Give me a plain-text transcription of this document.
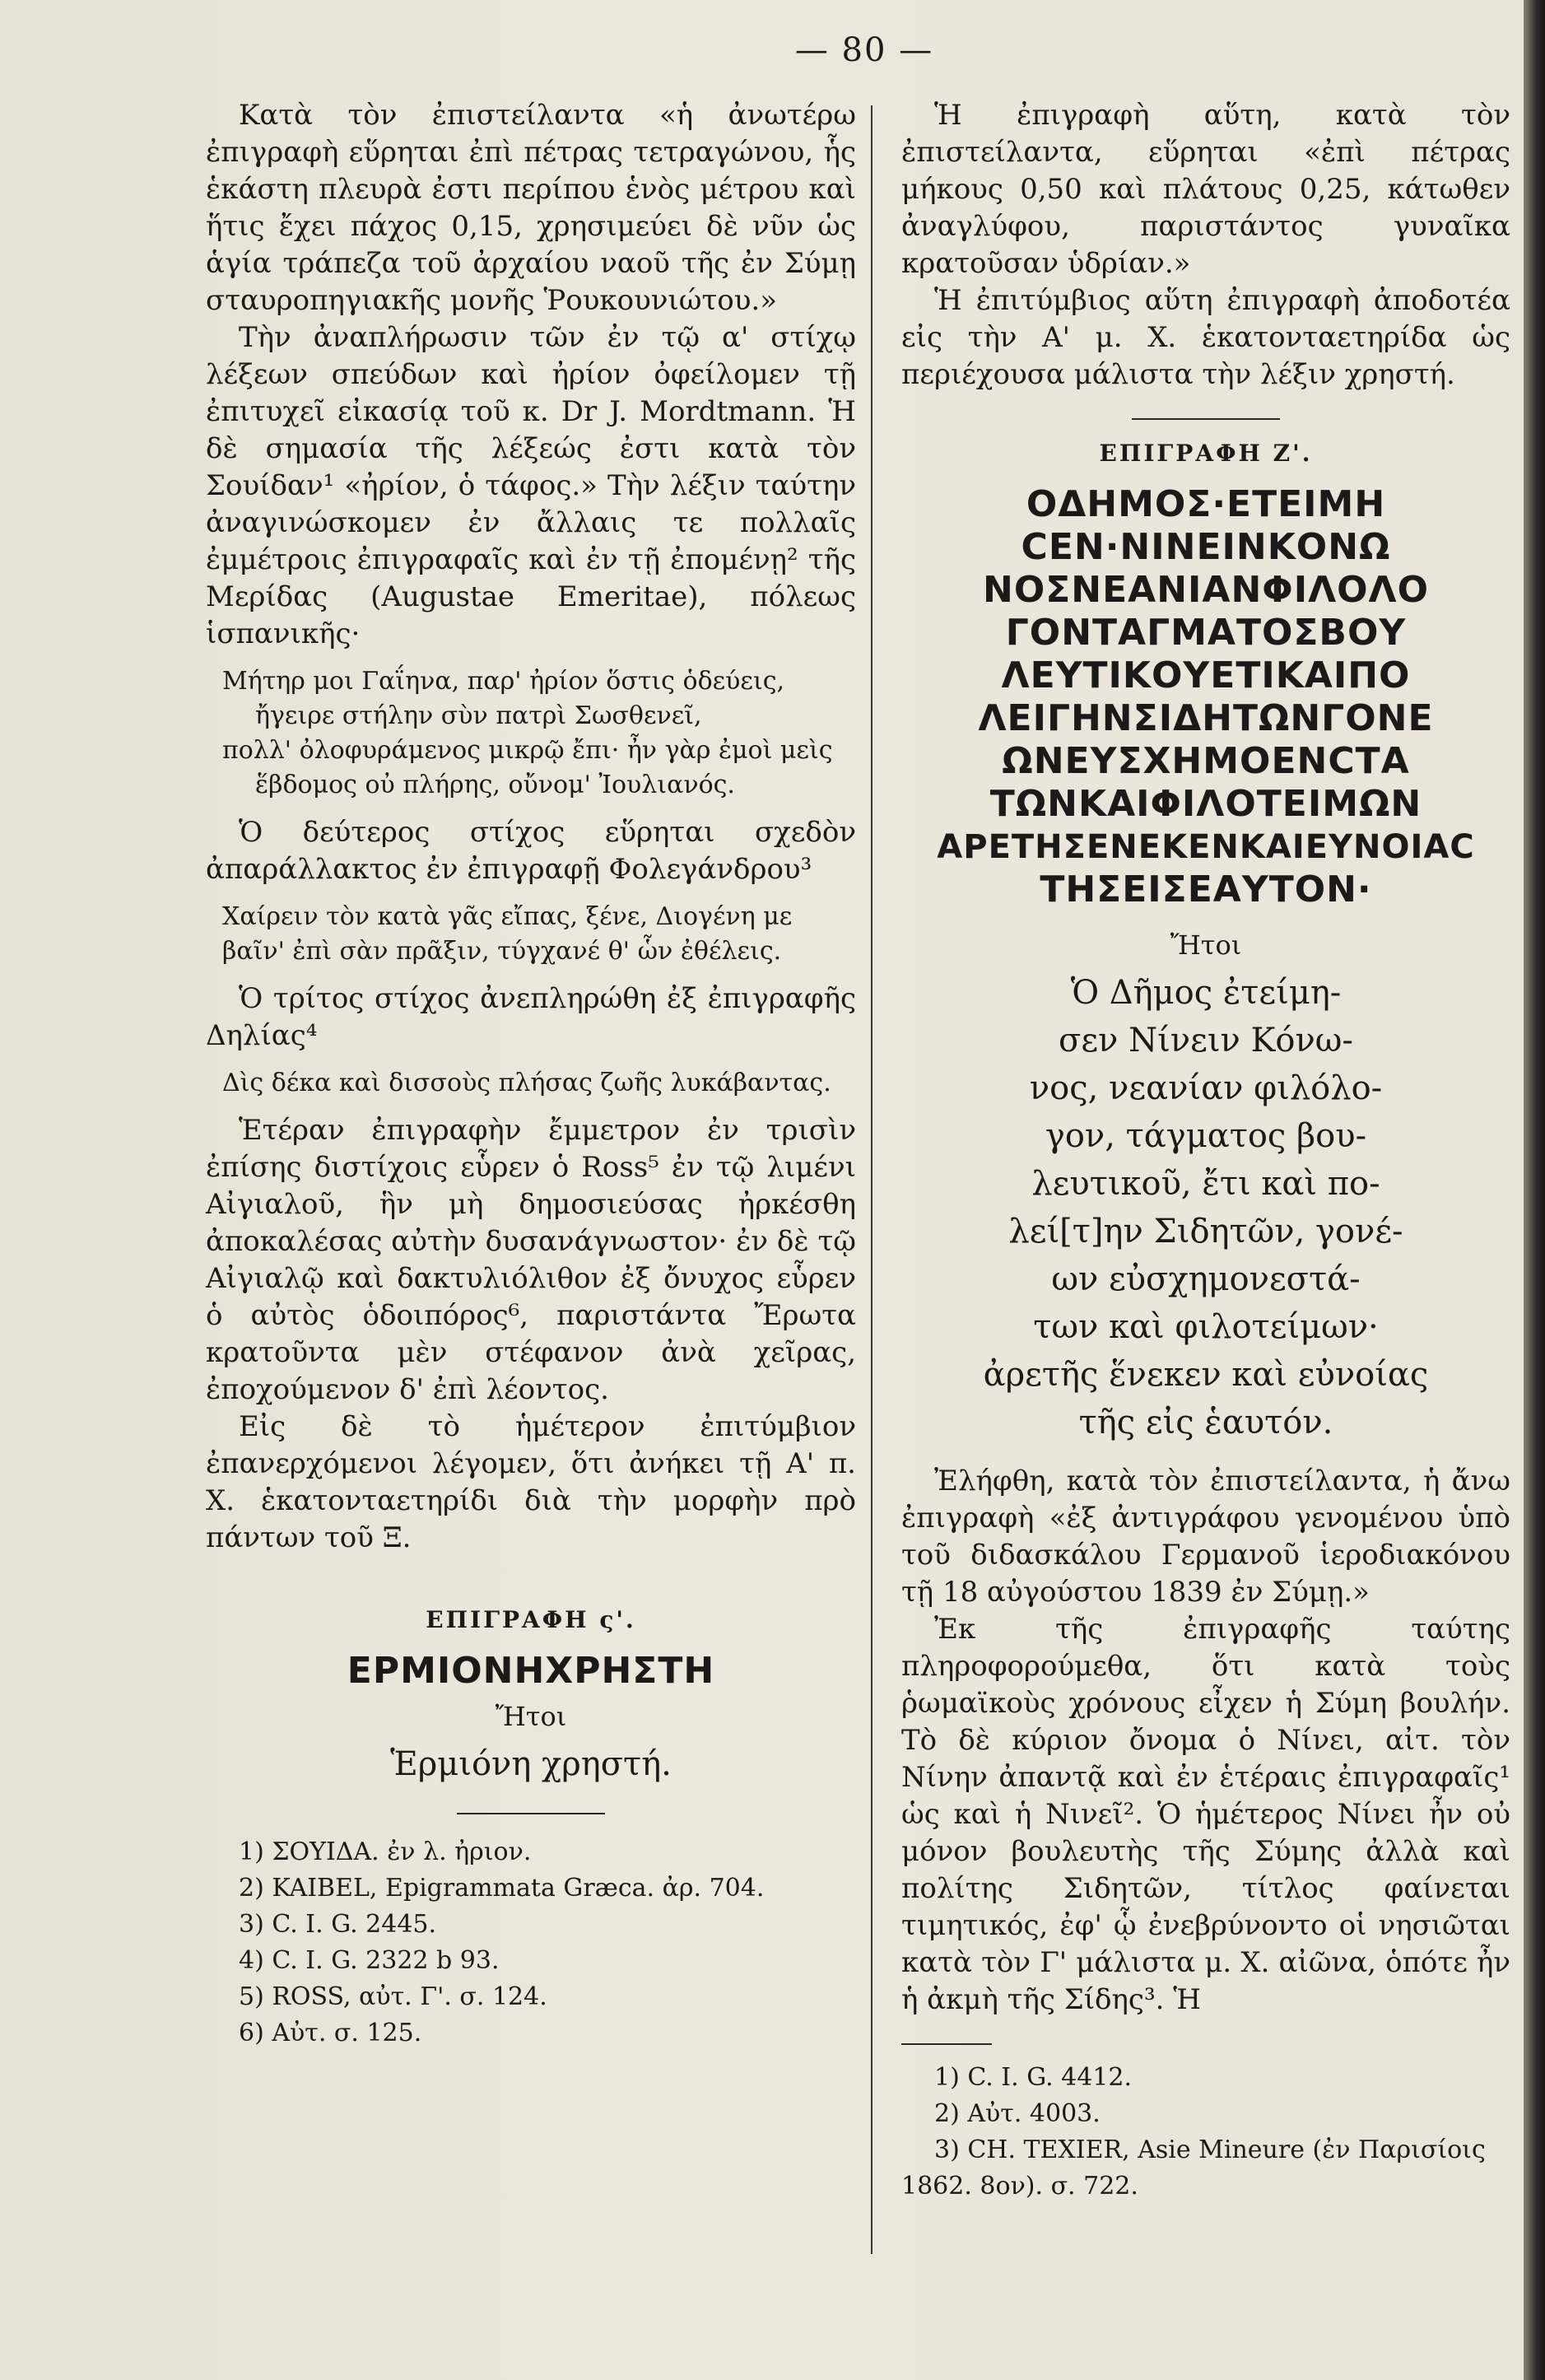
— 80 —

Κατὰ τὸν ἐπιστείλαντα «ἡ ἀνωτέρω ἐπιγραφὴ εὕρηται ἐπὶ πέτρας τετραγώνου, ἧς ἑκάστη πλευρὰ ἐστι περίπου ἑνὸς μέτρου καὶ ἥτις ἔχει πάχος 0,15, χρησιμεύει δὲ νῦν ὡς ἁγία τράπεζα τοῦ ἀρχαίου ναοῦ τῆς ἐν Σύμῃ σταυροπηγιακῆς μονῆς Ῥουκουνιώτου.»

Τὴν ἀναπλήρωσιν τῶν ἐν τῷ α' στίχῳ λέξεων σπεύδων καὶ ἠρίον ὀφείλομεν τῇ ἐπιτυχεῖ εἰκασίᾳ τοῦ κ. Dr J. Mordtmann. Ἡ δὲ σημασία τῆς λέξεώς ἐστι κατὰ τὸν Σουίδαν¹ «ἠρίον, ὁ τάφος.» Τὴν λέξιν ταύτην ἀναγινώσκομεν ἐν ἄλλαις τε πολλαῖς ἐμμέτροις ἐπιγραφαῖς καὶ ἐν τῇ ἐπομένῃ² τῆς Μερίδας (Augustae Emeritae), πόλεως ἱσπανικῆς·

Μήτηρ μοι Γαΐηνα, παρ' ἠρίον ὅστις ὁδεύεις,
ἤγειρε στήλην σὺν πατρὶ Σωσθενεῖ,
πολλ' ὀλοφυράμενος μικρῷ ἔπι· ἦν γὰρ ἐμοὶ μεὶς
ἕβδομος οὐ πλήρης, οὔνομ' Ἰουλιανός.

Ὁ δεύτερος στίχος εὕρηται σχεδὸν ἀπαράλλακτος ἐν ἐπιγραφῇ Φολεγάνδρου³

Χαίρειν τὸν κατὰ γᾶς εἴπας, ξένε, Διογένη με
βαῖν' ἐπὶ σὰν πρᾶξιν, τύγχανέ θ' ὧν ἐθέλεις.

Ὁ τρίτος στίχος ἀνεπληρώθη ἐξ ἐπιγραφῆς Δηλίας⁴

Δὶς δέκα καὶ δισσοὺς πλήσας ζωῆς λυκάβαντας.

Ἑτέραν ἐπιγραφὴν ἔμμετρον ἐν τρισὶν ἐπίσης διστίχοις εὗρεν ὁ Ross⁵ ἐν τῷ λιμένι Αἰγιαλοῦ, ἣν μὴ δημοσιεύσας ἠρκέσθη ἀποκαλέσας αὐτὴν δυσανάγνωστον· ἐν δὲ τῷ Αἰγιαλῷ καὶ δακτυλιόλιθον ἐξ ὄνυχος εὗρεν ὁ αὐτὸς ὁδοιπόρος⁶, παριστάντα Ἔρωτα κρατοῦντα μὲν στέφανον ἀνὰ χεῖρας, ἐποχούμενον δ' ἐπὶ λέοντος.

Εἰς δὲ τὸ ἡμέτερον ἐπιτύμβιον ἐπανερχόμενοι λέγομεν, ὅτι ἀνήκει τῇ Α' π. Χ. ἑκατονταετηρίδι διὰ τὴν μορφὴν πρὸ πάντων τοῦ Ξ.

ΕΠΙΓΡΑΦΗ ς'.
ΕΡΜΙΟΝΗΧΡΗΣΤΗ
Ἤτοι
Ἑρμιόνη χρηστή.
1) ΣΟΥΙΔΑ. ἐν λ. ἠριον.
2) KAIBEL, Epigrammata Græca. ἀρ. 704.
3) C. I. G. 2445.
4) C. I. G. 2322 b 93.
5) ROSS, αὐτ. Γ'. σ. 124.
6) Αὐτ. σ. 125.

Ἡ ἐπιγραφὴ αὕτη, κατὰ τὸν ἐπιστείλαντα, εὕρηται «ἐπὶ πέτρας μήκους 0,50 καὶ πλάτους 0,25, κάτωθεν ἀναγλύφου, παριστάντος γυναῖκα κρατοῦσαν ὑδρίαν.»

Ἡ ἐπιτύμβιος αὕτη ἐπιγραφὴ ἀποδοτέα εἰς τὴν Α' μ. Χ. ἑκατονταετηρίδα ὡς περιέχουσα μάλιστα τὴν λέξιν χρηστή.

ΕΠΙΓΡΑΦΗ Ζ'.
ΟΔΗΜΟΣ·ΕΤΕΙΜΗ
CΕΝ·ΝΙΝΕΙΝΚΟΝΩ
ΝΟΣΝΕΑΝΙΑΝΦΙΛΟΛΟ
ΓΟΝΤΑΓΜΑΤΟΣΒΟΥ
ΛΕΥΤΙΚΟΥΕΤΙΚΑΙΠΟ
ΛΕΙΓΗΝΣΙΔΗΤΩΝΓΟΝΕ
ΩΝΕΥΣΧΗΜΟΕΝCΤΑ
ΤΩΝΚΑΙΦΙΛΟΤΕΙΜΩΝ
ΑΡΕΤΗΣΕΝΕΚΕΝΚΑΙΕΥΝΟΙΑC
ΤΗΣΕΙΣΕΑΥΤΟΝ·
Ἤτοι
Ὁ Δῆμος ἐτείμη-
σεν Νίνειν Κόνω-
νος, νεανίαν φιλόλο-
γον, τάγματος βου-
λευτικοῦ, ἔτι καὶ πο-
λεί[τ]ην Σιδητῶν, γονέ-
ων εὐσχημονεστά-
των καὶ φιλοτείμων·
ἀρετῆς ἕνεκεν καὶ εὐνοίας
τῆς εἰς ἑαυτόν.

Ἐλήφθη, κατὰ τὸν ἐπιστείλαντα, ἡ ἄνω ἐπιγραφὴ «ἐξ ἀντιγράφου γενομένου ὑπὸ τοῦ διδασκάλου Γερμανοῦ ἱεροδιακόνου τῇ 18 αὐγούστου 1839 ἐν Σύμῃ.»

Ἐκ τῆς ἐπιγραφῆς ταύτης πληροφορούμεθα, ὅτι κατὰ τοὺς ῥωμαϊκοὺς χρόνους εἶχεν ἡ Σύμη βουλήν. Τὸ δὲ κύριον ὄνομα ὁ Νίνει, αἰτ. τὸν Νίνην ἀπαντᾷ καὶ ἐν ἑτέραις ἐπιγραφαῖς¹ ὡς καὶ ἡ Νινεῖ². Ὁ ἡμέτερος Νίνει ἦν οὐ μόνον βουλευτὴς τῆς Σύμης ἀλλὰ καὶ πολίτης Σιδητῶν, τίτλος φαίνεται τιμητικός, ἐφ' ᾧ ἐνεβρύνοντο οἱ νησιῶται κατὰ τὸν Γ' μάλιστα μ. Χ. αἰῶνα, ὁπότε ἦν ἡ ἀκμὴ τῆς Σίδης³. Ἡ

1) C. I. G. 4412.
2) Αὐτ. 4003.
3) CH. TEXIER, Asie Mineure (ἐν Παρισίοις
1862. 8ον). σ. 722.
